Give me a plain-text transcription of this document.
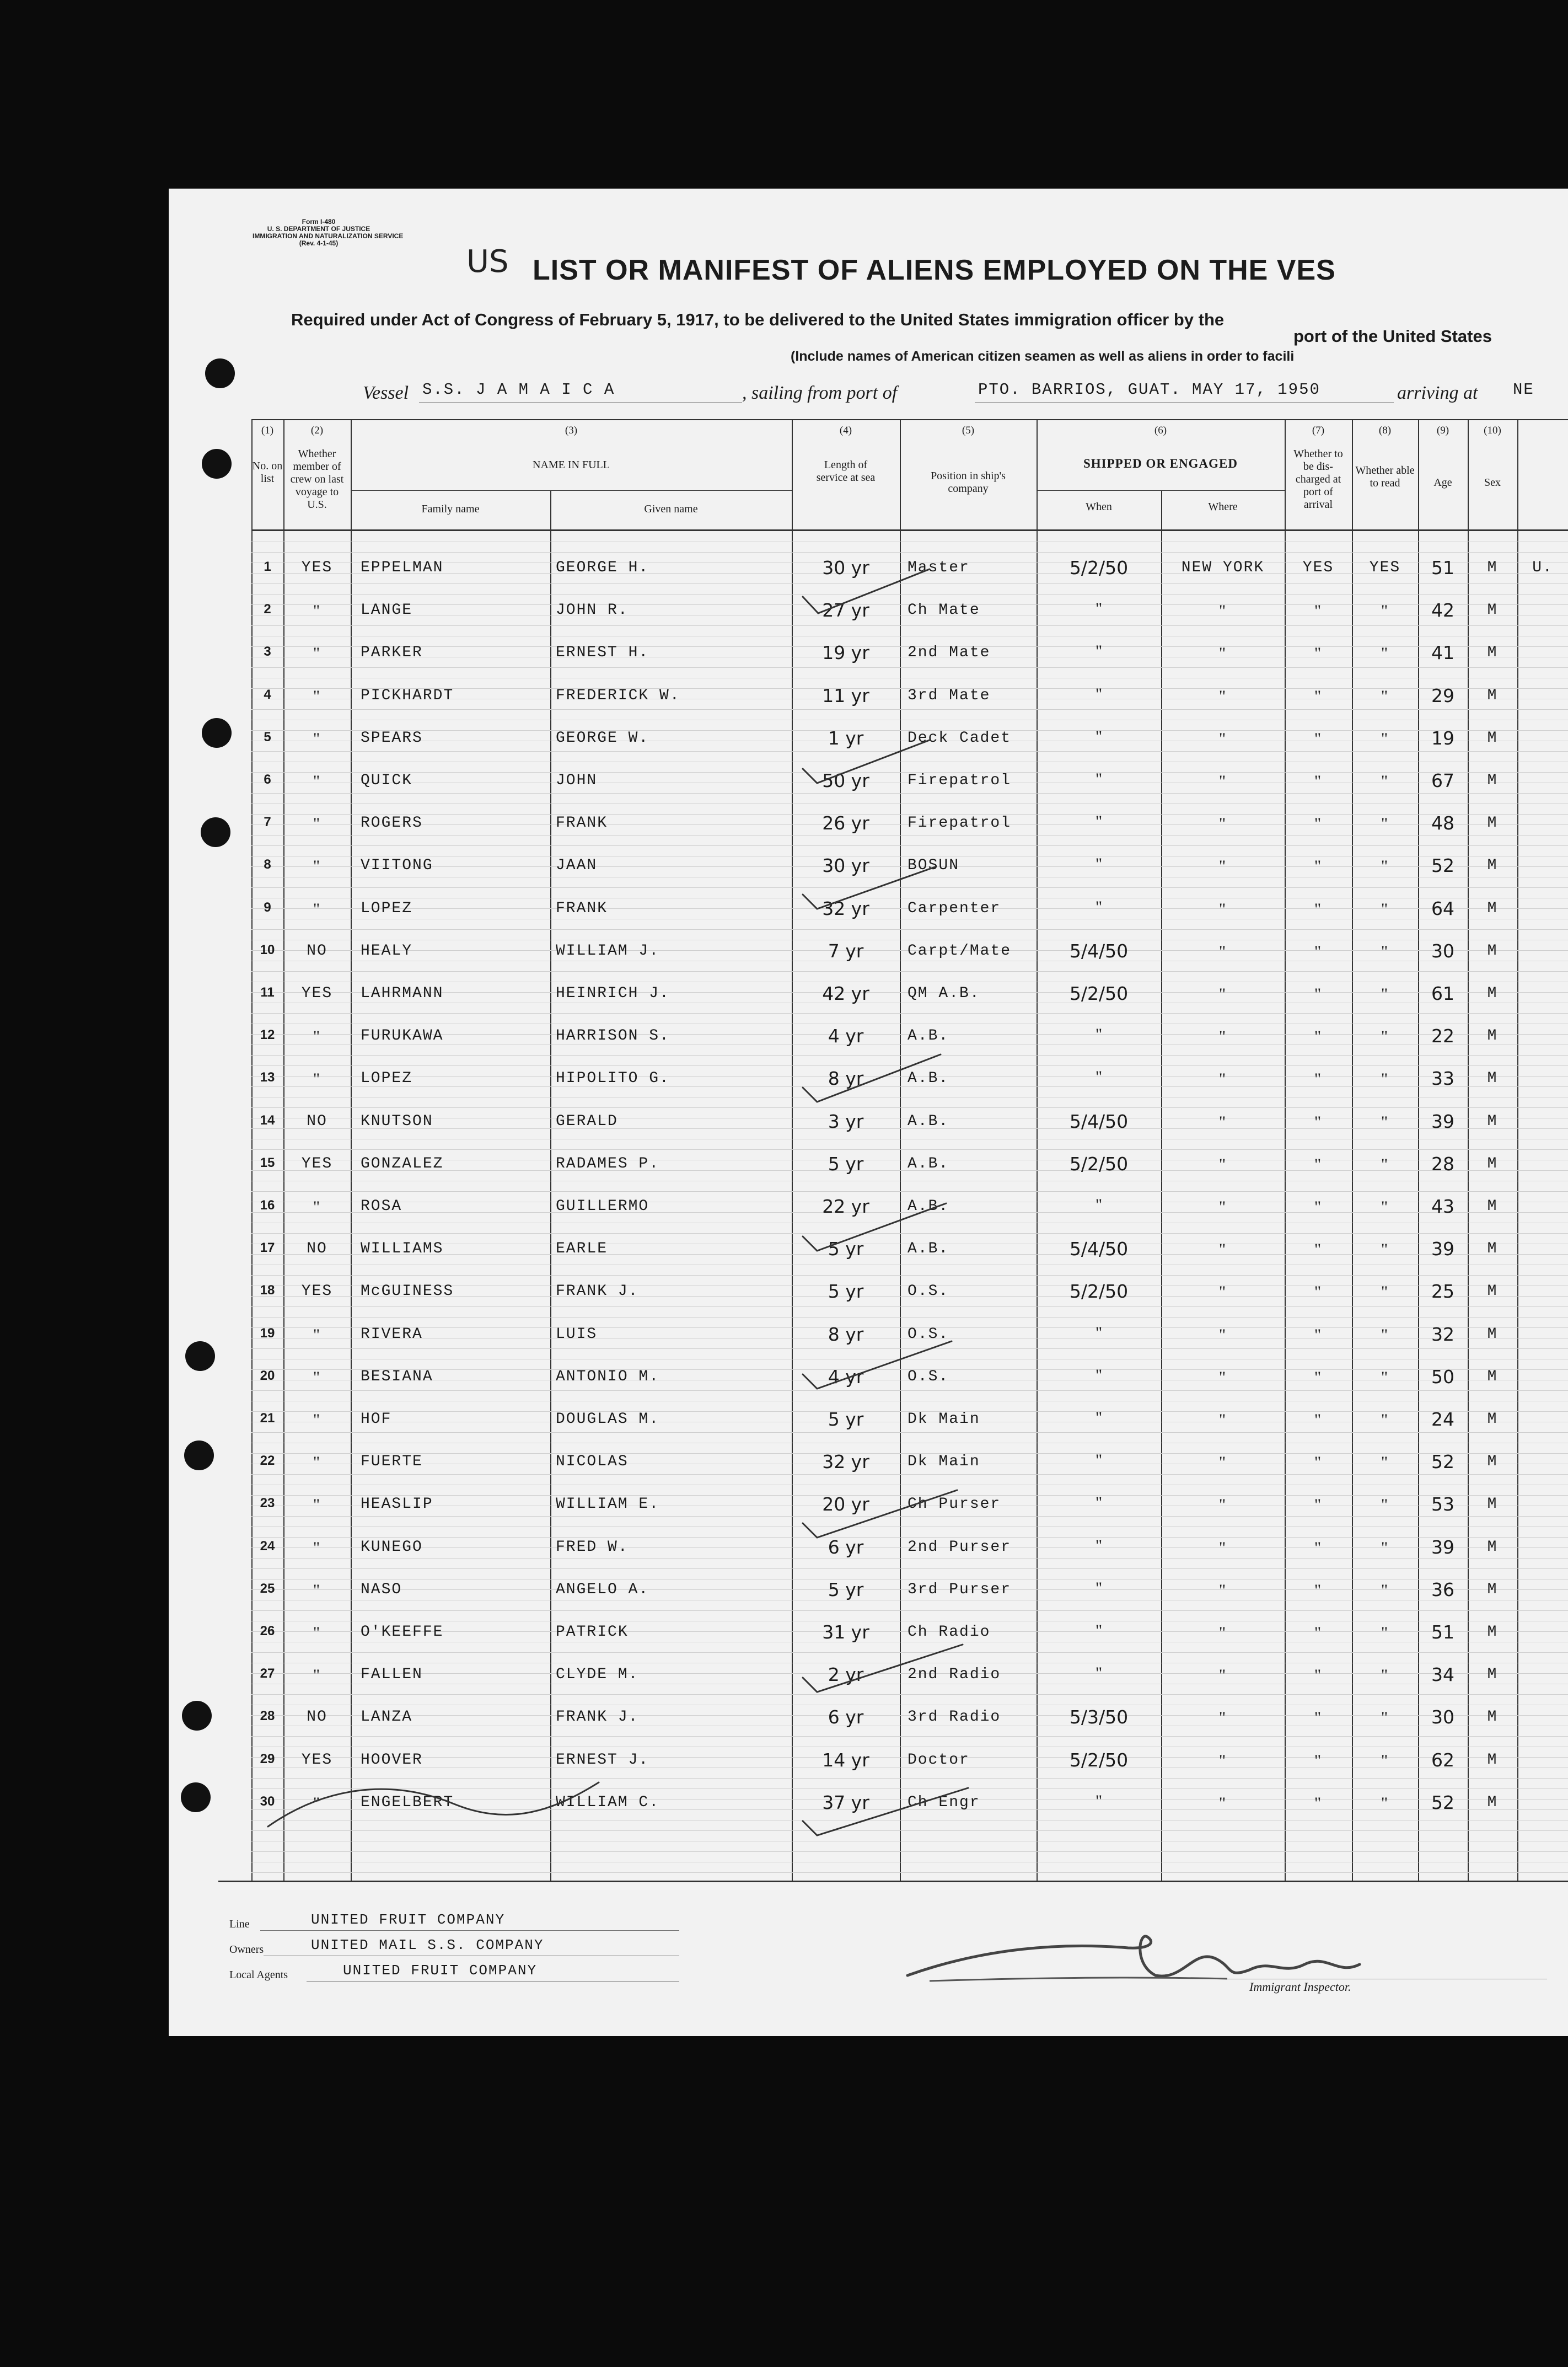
Form I-480
U. S. DEPARTMENT OF JUSTICE
IMMIGRATION AND NATURALIZATION SERVICE
(Rev. 4-1-45)
US LIST OR MANIFEST OF ALIENS EMPLOYED ON THE VES
Required under Act of Congress of February 5, 1917, to be delivered to the United States immigration officer by the
port of the United States
(Include names of American citizen seamen as well as aliens in order to facili
Vessel S.S. J A M A I C A	, sailing from port of	PTO. BARRIOS, GUAT. MAY 17, 1950	arriving at NE
(1)
No. on list
(2)
Whether member of crew on last voyage to U.S.
(3)
NAME IN FULL
Family name	Given name
(4)
Length of service at sea
(5)
Position in ship's company
(6)
SHIPPED OR ENGAGED
When	Where
(7)
Whether to be dis- charged at port of arrival
(8)
Whether able to read
(9)
Age
(10)
Sex
1	YES	EPPELMAN	GEORGE H.	30 yr	Master	5/2/50	NEW YORK	YES	YES	51	M	U.
2	"	LANGE	JOHN R.	27 yr	Ch Mate	"	"	"	"	42	M
3	"	PARKER	ERNEST H.	19 yr	2nd Mate	"	"	"	"	41	M
4	"	PICKHARDT	FREDERICK W.	11 yr	3rd Mate	"	"	"	"	29	M
5	"	SPEARS	GEORGE W.	1 yr	Deck Cadet	"	"	"	"	19	M
6	"	QUICK	JOHN	50 yr	Firepatrol	"	"	"	"	67	M
7	"	ROGERS	FRANK	26 yr	Firepatrol	"	"	"	"	48	M
8	"	VIITONG	JAAN	30 yr	BOSUN	"	"	"	"	52	M
9	"	LOPEZ	FRANK	32 yr	Carpenter	"	"	"	"	64	M
10	NO	HEALY	WILLIAM J.	7 yr	Carpt/Mate	5/4/50	"	"	"	30	M
11	YES	LAHRMANN	HEINRICH J.	42 yr	QM A.B.	5/2/50	"	"	"	61	M
12	"	FURUKAWA	HARRISON S.	4 yr	A.B.	"	"	"	"	22	M
13	"	LOPEZ	HIPOLITO G.	8 yr	A.B.	"	"	"	"	33	M
14	NO	KNUTSON	GERALD	3 yr	A.B.	5/4/50	"	"	"	39	M
15	YES	GONZALEZ	RADAMES P.	5 yr	A.B.	5/2/50	"	"	"	28	M
16	"	ROSA	GUILLERMO	22 yr	A.B.	"	"	"	"	43	M
17	NO	WILLIAMS	EARLE	5 yr	A.B.	5/4/50	"	"	"	39	M
18	YES	McGUINESS	FRANK J.	5 yr	O.S.	5/2/50	"	"	"	25	M
19	"	RIVERA	LUIS	8 yr	O.S.	"	"	"	"	32	M
20	"	BESIANA	ANTONIO M.	4 yr	O.S.	"	"	"	"	50	M
21	"	HOF	DOUGLAS M.	5 yr	Dk Main	"	"	"	"	24	M
22	"	FUERTE	NICOLAS	32 yr	Dk Main	"	"	"	"	52	M
23	"	HEASLIP	WILLIAM E.	20 yr	Ch Purser	"	"	"	"	53	M
24	"	KUNEGO	FRED W.	6 yr	2nd Purser	"	"	"	"	39	M
25	"	NASO	ANGELO A.	5 yr	3rd Purser	"	"	"	"	36	M
26	"	O'KEEFFE	PATRICK	31 yr	Ch Radio	"	"	"	"	51	M
27	"	FALLEN	CLYDE M.	2 yr	2nd Radio	"	"	"	"	34	M
28	NO	LANZA	FRANK J.	6 yr	3rd Radio	5/3/50	"	"	"	30	M
29	YES	HOOVER	ERNEST J.	14 yr	Doctor	5/2/50	"	"	"	62	M
30	"	ENGELBERT	WILLIAM C.	37 yr	Ch Engr	"	"	"	"	52	M
Line	UNITED FRUIT COMPANY
Owners	UNITED MAIL S.S. COMPANY
Local Agents	UNITED FRUIT COMPANY
Immigrant Inspector.
